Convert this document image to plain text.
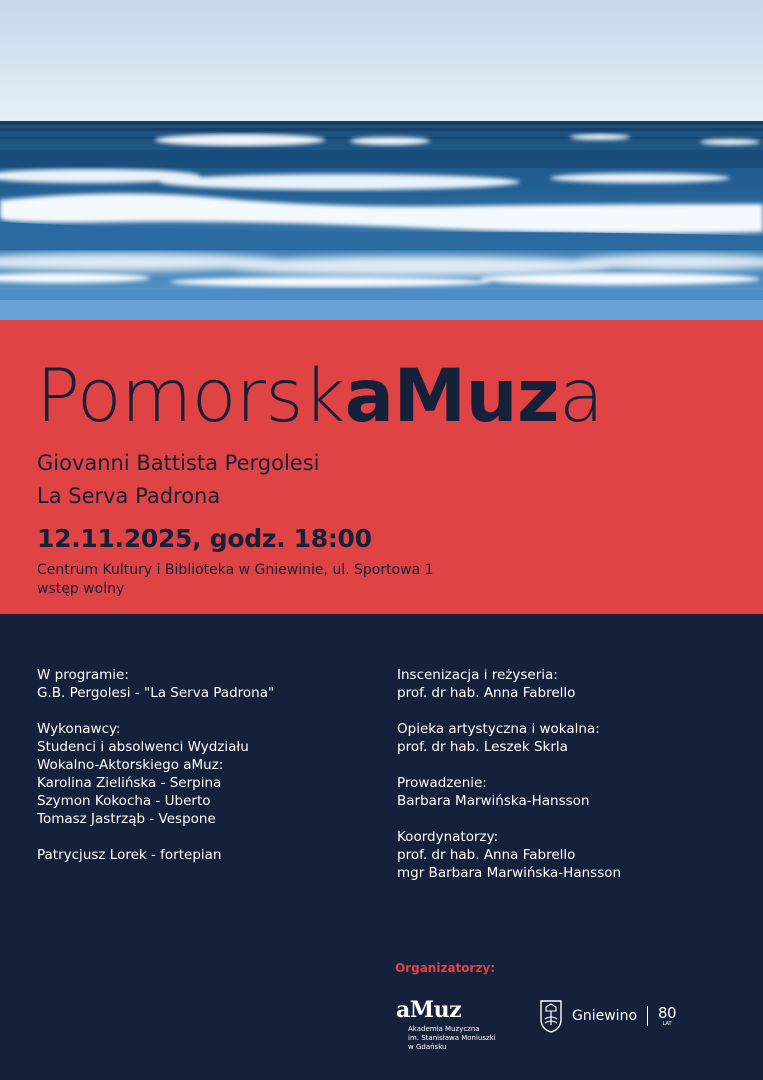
PomorskaMuza
Giovanni Battista Pergolesi
La Serva Padrona
12.11.2025, godz. 18:00
Centrum Kultury i Biblioteka w Gniewinie, ul. Sportowa 1
wstęp wolny
W programie:
G.B. Pergolesi - "La Serva Padrona"
Wykonawcy:
Studenci i absolwenci Wydziału
Wokalno-Aktorskiego aMuz:
Karolina Zielińska - Serpina
Szymon Kokocha - Uberto
Tomasz Jastrząb - Vespone
Patrycjusz Lorek - fortepian
Inscenizacja i reżyseria:
prof. dr hab. Anna Fabrello
Opieka artystyczna i wokalna:
prof. dr hab. Leszek Skrla
Prowadzenie:
Barbara Marwińska-Hansson
Koordynatorzy:
prof. dr hab. Anna Fabrello
mgr Barbara Marwińska-Hansson
Organizatorzy:
aMuz
Akademia Muzyczna
im. Stanisława Moniuszki
w Gdańsku
Gniewino 80
LAT
